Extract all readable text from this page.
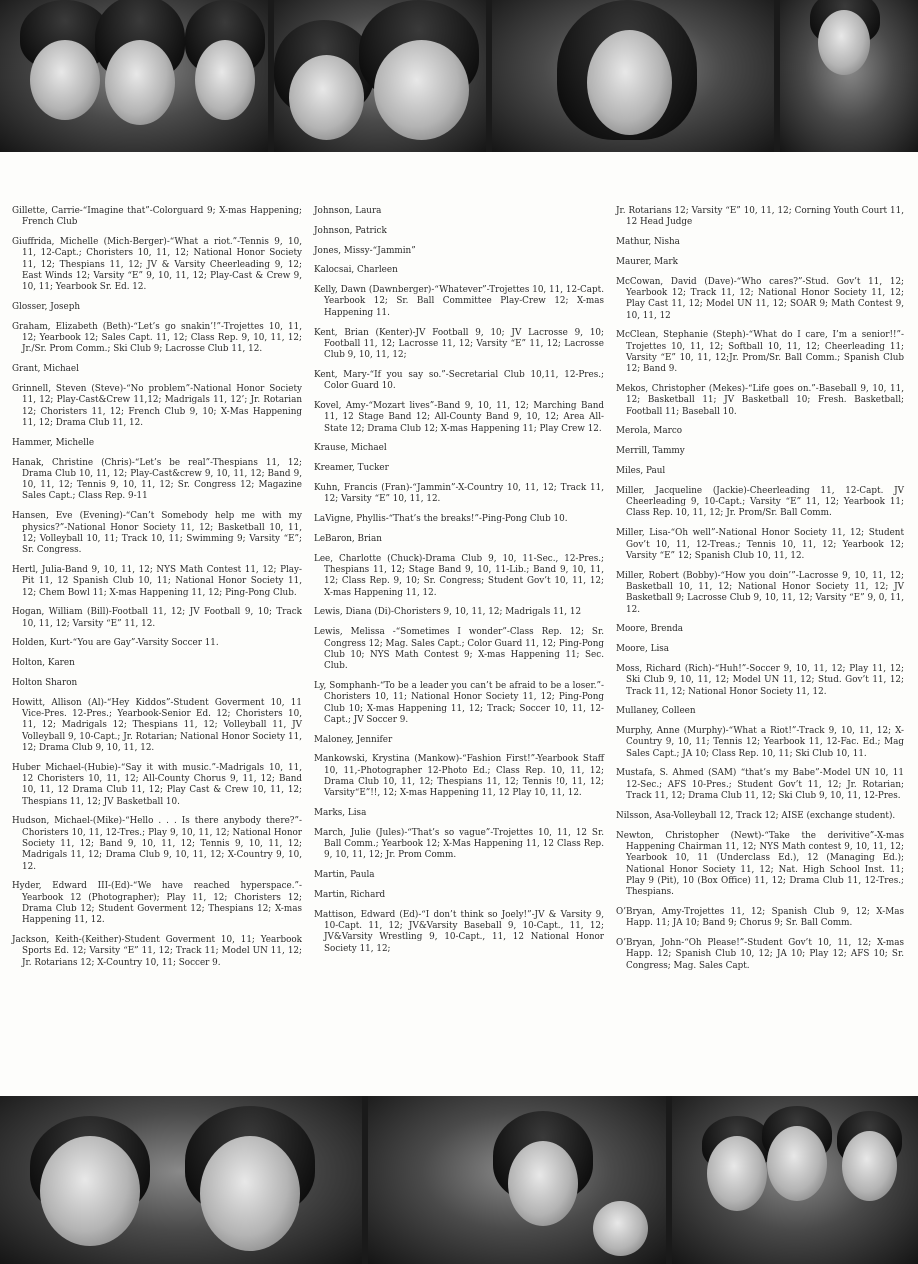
Gillette, Carrie-“Imagine that”-Colorguard 9; X-mas Happening; French Club

Giuffrida, Michelle (Mich-Berger)-“What a riot.”-Tennis 9, 10, 11, 12-Capt.; Choristers 10, 11, 12; National Honor Society 11, 12; Thespians 11, 12; JV & Varsity Cheerleading 9, 12; East Winds 12; Varsity “E” 9, 10, 11, 12; Play-Cast & Crew 9, 10, 11; Yearbook Sr. Ed. 12.

Glosser, Joseph

Graham, Elizabeth (Beth)-“Let’s go snakin’!”-Trojettes 10, 11, 12; Yearbook 12; Sales Capt. 11, 12; Class Rep. 9, 10, 11, 12; Jr./Sr. Prom Comm.; Ski Club 9; Lacrosse Club 11, 12.

Grant, Michael

Grinnell, Steven (Steve)-“No problem”-National Honor Society 11, 12; Play-Cast&Crew 11,12; Madrigals 11, 12’; Jr. Rotarian 12; Choristers 11, 12; French Club 9, 10; X-Mas Happening 11, 12; Drama Club 11, 12.

Hammer, Michelle

Hanak, Christine (Chris)-“Let’s be real”-Thespians 11, 12; Drama Club 10, 11, 12; Play-Cast&crew 9, 10, 11, 12; Band 9, 10, 11, 12; Tennis 9, 10, 11, 12; Sr. Congress 12; Magazine Sales Capt.; Class Rep. 9-11

Hansen, Eve (Evening)-“Can’t Somebody help me with my physics?”-National Honor Society 11, 12; Basketball 10, 11, 12; Volleyball 10, 11; Track 10, 11; Swimming 9; Varsity “E”; Sr. Congress.

Hertl, Julia-Band 9, 10, 11, 12; NYS Math Contest 11, 12; Play-Pit 11, 12 Spanish Club 10, 11; National Honor Society 11, 12; Chem Bowl 11; X-mas Happening 11, 12; Ping-Pong Club.

Hogan, William (Bill)-Football 11, 12; JV Football 9, 10; Track 10, 11, 12; Varsity “E” 11, 12.

Holden, Kurt-“You are Gay”-Varsity Soccer 11.

Holton, Karen

Holton Sharon

Howitt, Allison (Al)-“Hey Kiddos”-Student Goverment 10, 11 Vice-Pres. 12-Pres.; Yearbook-Senior Ed. 12; Choristers 10, 11, 12; Madrigals 12; Thespians 11, 12; Volleyball 11, JV Volleyball 9, 10-Capt.; Jr. Rotarian; National Honor Society 11, 12; Drama Club 9, 10, 11, 12.

Huber Michael-(Hubie)-“Say it with music.”-Madrigals 10, 11, 12 Choristers 10, 11, 12; All-County Chorus 9, 11, 12; Band 10, 11, 12 Drama Club 11, 12; Play Cast & Crew 10, 11, 12; Thespians 11, 12; JV Basketball 10.

Hudson, Michael-(Mike)-“Hello . . . Is there anybody there?”-Choristers 10, 11, 12-Tres.; Play 9, 10, 11, 12; National Honor Society 11, 12; Band 9, 10, 11, 12; Tennis 9, 10, 11, 12; Madrigals 11, 12; Drama Club 9, 10, 11, 12; X-Country 9, 10, 12.

Hyder, Edward III-(Ed)-“We have reached hyperspace.”-Yearbook 12 (Photographer); Play 11, 12; Choristers 12; Drama Club 12; Student Goverment 12; Thespians 12; X-mas Happening 11, 12.

Jackson, Keith-(Keither)-Student Goverment 10, 11; Yearbook Sports Ed. 12; Varsity “E” 11, 12; Track 11; Model UN 11, 12; Jr. Rotarians 12; X-Country 10, 11; Soccer 9.

Johnson, Laura

Johnson, Patrick

Jones, Missy-“Jammin”

Kalocsai, Charleen

Kelly, Dawn (Dawnberger)-“Whatever”-Trojettes 10, 11, 12-Capt. Yearbook 12; Sr. Ball Committee Play-Crew 12; X-mas Happening 11.

Kent, Brian (Kenter)-JV Football 9, 10; JV Lacrosse 9, 10; Football 11, 12; Lacrosse 11, 12; Varsity “E” 11, 12; Lacrosse Club 9, 10, 11, 12;

Kent, Mary-“If you say so.”-Secretarial Club 10,11, 12-Pres.; Color Guard 10.

Kovel, Amy-“Mozart lives”-Band 9, 10, 11, 12; Marching Band 11, 12 Stage Band 12; All-County Band 9, 10, 12; Area All-State 12; Drama Club 12; X-mas Happening 11; Play Crew 12.

Krause, Michael

Kreamer, Tucker

Kuhn, Francis (Fran)-“Jammin”-X-Country 10, 11, 12; Track 11, 12; Varsity “E” 10, 11, 12.

LaVigne, Phyllis-“That’s the breaks!”-Ping-Pong Club 10.

LeBaron, Brian

Lee, Charlotte (Chuck)-Drama Club 9, 10, 11-Sec., 12-Pres.; Thespians 11, 12; Stage Band 9, 10, 11-Lib.; Band 9, 10, 11, 12; Class Rep. 9, 10; Sr. Congress; Student Gov’t 10, 11, 12; X-mas Happening 11, 12.

Lewis, Diana (Di)-Choristers 9, 10, 11, 12; Madrigals 11, 12

Lewis, Melissa -“Sometimes I wonder”-Class Rep. 12; Sr. Congress 12; Mag. Sales Capt.; Color Guard 11, 12; Ping-Pong Club 10; NYS Math Contest 9; X-mas Happening 11; Sec. Club.

Ly, Somphanh-“To be a leader you can’t be afraid to be a loser.”-Choristers 10, 11; National Honor Society 11, 12; Ping-Pong Club 10; X-mas Happening 11, 12; Track; Soccer 10, 11, 12-Capt.; JV Soccer 9.

Maloney, Jennifer

Mankowski, Krystina (Mankow)-“Fashion First!”-Yearbook Staff 10, 11,-Photographer 12-Photo Ed.; Class Rep. 10, 11, 12; Drama Club 10, 11, 12; Thespians 11, 12; Tennis !0, 11, 12; Varsity“E”!!, 12; X-mas Happening 11, 12 Play 10, 11, 12.

Marks, Lisa

March, Julie (Jules)-“That’s so vague”-Trojettes 10, 11, 12 Sr. Ball Comm.; Yearbook 12; X-Mas Happening 11, 12 Class Rep. 9, 10, 11, 12; Jr. Prom Comm.

Martin, Paula

Martin, Richard

Mattison, Edward (Ed)-“I don’t think so Joely!”-JV & Varsity 9, 10-Capt. 11, 12; JV&Varsity Baseball 9, 10-Capt., 11, 12; JV&Varsity Wrestling 9, 10-Capt., 11, 12 National Honor Society 11, 12;

Jr. Rotarians 12; Varsity “E” 10, 11, 12; Corning Youth Court 11, 12 Head Judge

Mathur, Nisha

Maurer, Mark

McCowan, David (Dave)-“Who cares?”-Stud. Gov’t 11, 12; Yearbook 12; Track 11, 12; National Honor Society 11, 12; Play Cast 11, 12; Model UN 11, 12; SOAR 9; Math Contest 9, 10, 11, 12

McClean, Stephanie (Steph)-“What do I care, I’m a senior!!”-Trojettes 10, 11, 12; Softball 10, 11, 12; Cheerleading 11; Varsity “E” 10, 11, 12;Jr. Prom/Sr. Ball Comm.; Spanish Club 12; Band 9.

Mekos, Christopher (Mekes)-“Life goes on.”-Baseball 9, 10, 11, 12; Basketball 11; JV Basketball 10; Fresh. Basketball; Football 11; Baseball 10.

Merola, Marco

Merrill, Tammy

Miles, Paul

Miller, Jacqueline (Jackie)-Cheerleading 11, 12-Capt. JV Cheerleading 9, 10-Capt.; Varsity “E” 11, 12; Yearbook 11; Class Rep. 10, 11, 12; Jr. Prom/Sr. Ball Comm.

Miller, Lisa-“Oh well”-National Honor Society 11, 12; Student Gov’t 10, 11, 12-Treas.; Tennis 10, 11, 12; Yearbook 12; Varsity “E” 12; Spanish Club 10, 11, 12.

Miller, Robert (Bobby)-“How you doin’”-Lacrosse 9, 10, 11, 12; Basketball 10, 11, 12; National Honor Society 11, 12; JV Basketball 9; Lacrosse Club 9, 10, 11, 12; Varsity “E” 9, 0, 11, 12.

Moore, Brenda

Moore, Lisa

Moss, Richard (Rich)-“Huh!”-Soccer 9, 10, 11, 12; Play 11, 12; Ski Club 9, 10, 11, 12; Model UN 11, 12; Stud. Gov’t 11, 12; Track 11, 12; National Honor Society 11, 12.

Mullaney, Colleen

Murphy, Anne (Murphy)-“What a Riot!”-Track 9, 10, 11, 12; X-Country 9, 10, 11; Tennis 12; Yearbook 11, 12-Fac. Ed.; Mag Sales Capt.; JA 10; Class Rep. 10, 11; Ski Club 10, 11.

Mustafa, S. Ahmed (SAM) “that’s my Babe”-Model UN 10, 11 12-Sec.; AFS 10-Pres.; Student Gov’t 11, 12; Jr. Rotarian; Track 11, 12; Drama Club 11, 12; Ski Club 9, 10, 11, 12-Pres.

Nilsson, Asa-Volleyball 12, Track 12; AISE (exchange student).

Newton, Christopher (Newt)-“Take the derivitive”-X-mas Happening Chairman 11, 12; NYS Math contest 9, 10, 11, 12; Yearbook 10, 11 (Underclass Ed.), 12 (Managing Ed.); National Honor Society 11, 12; Nat. High School Inst. 11; Play 9 (Pit), 10 (Box Office) 11, 12; Drama Club 11, 12-Tres.; Thespians.

O’Bryan, Amy-Trojettes 11, 12; Spanish Club 9, 12; X-Mas Happ. 11; JA 10; Band 9; Chorus 9; Sr. Ball Comm.

O’Bryan, John-“Oh Please!”-Student Gov’t 10, 11, 12; X-mas Happ. 12; Spanish Club 10, 12; JA 10; Play 12; AFS 10; Sr. Congress; Mag. Sales Capt.
